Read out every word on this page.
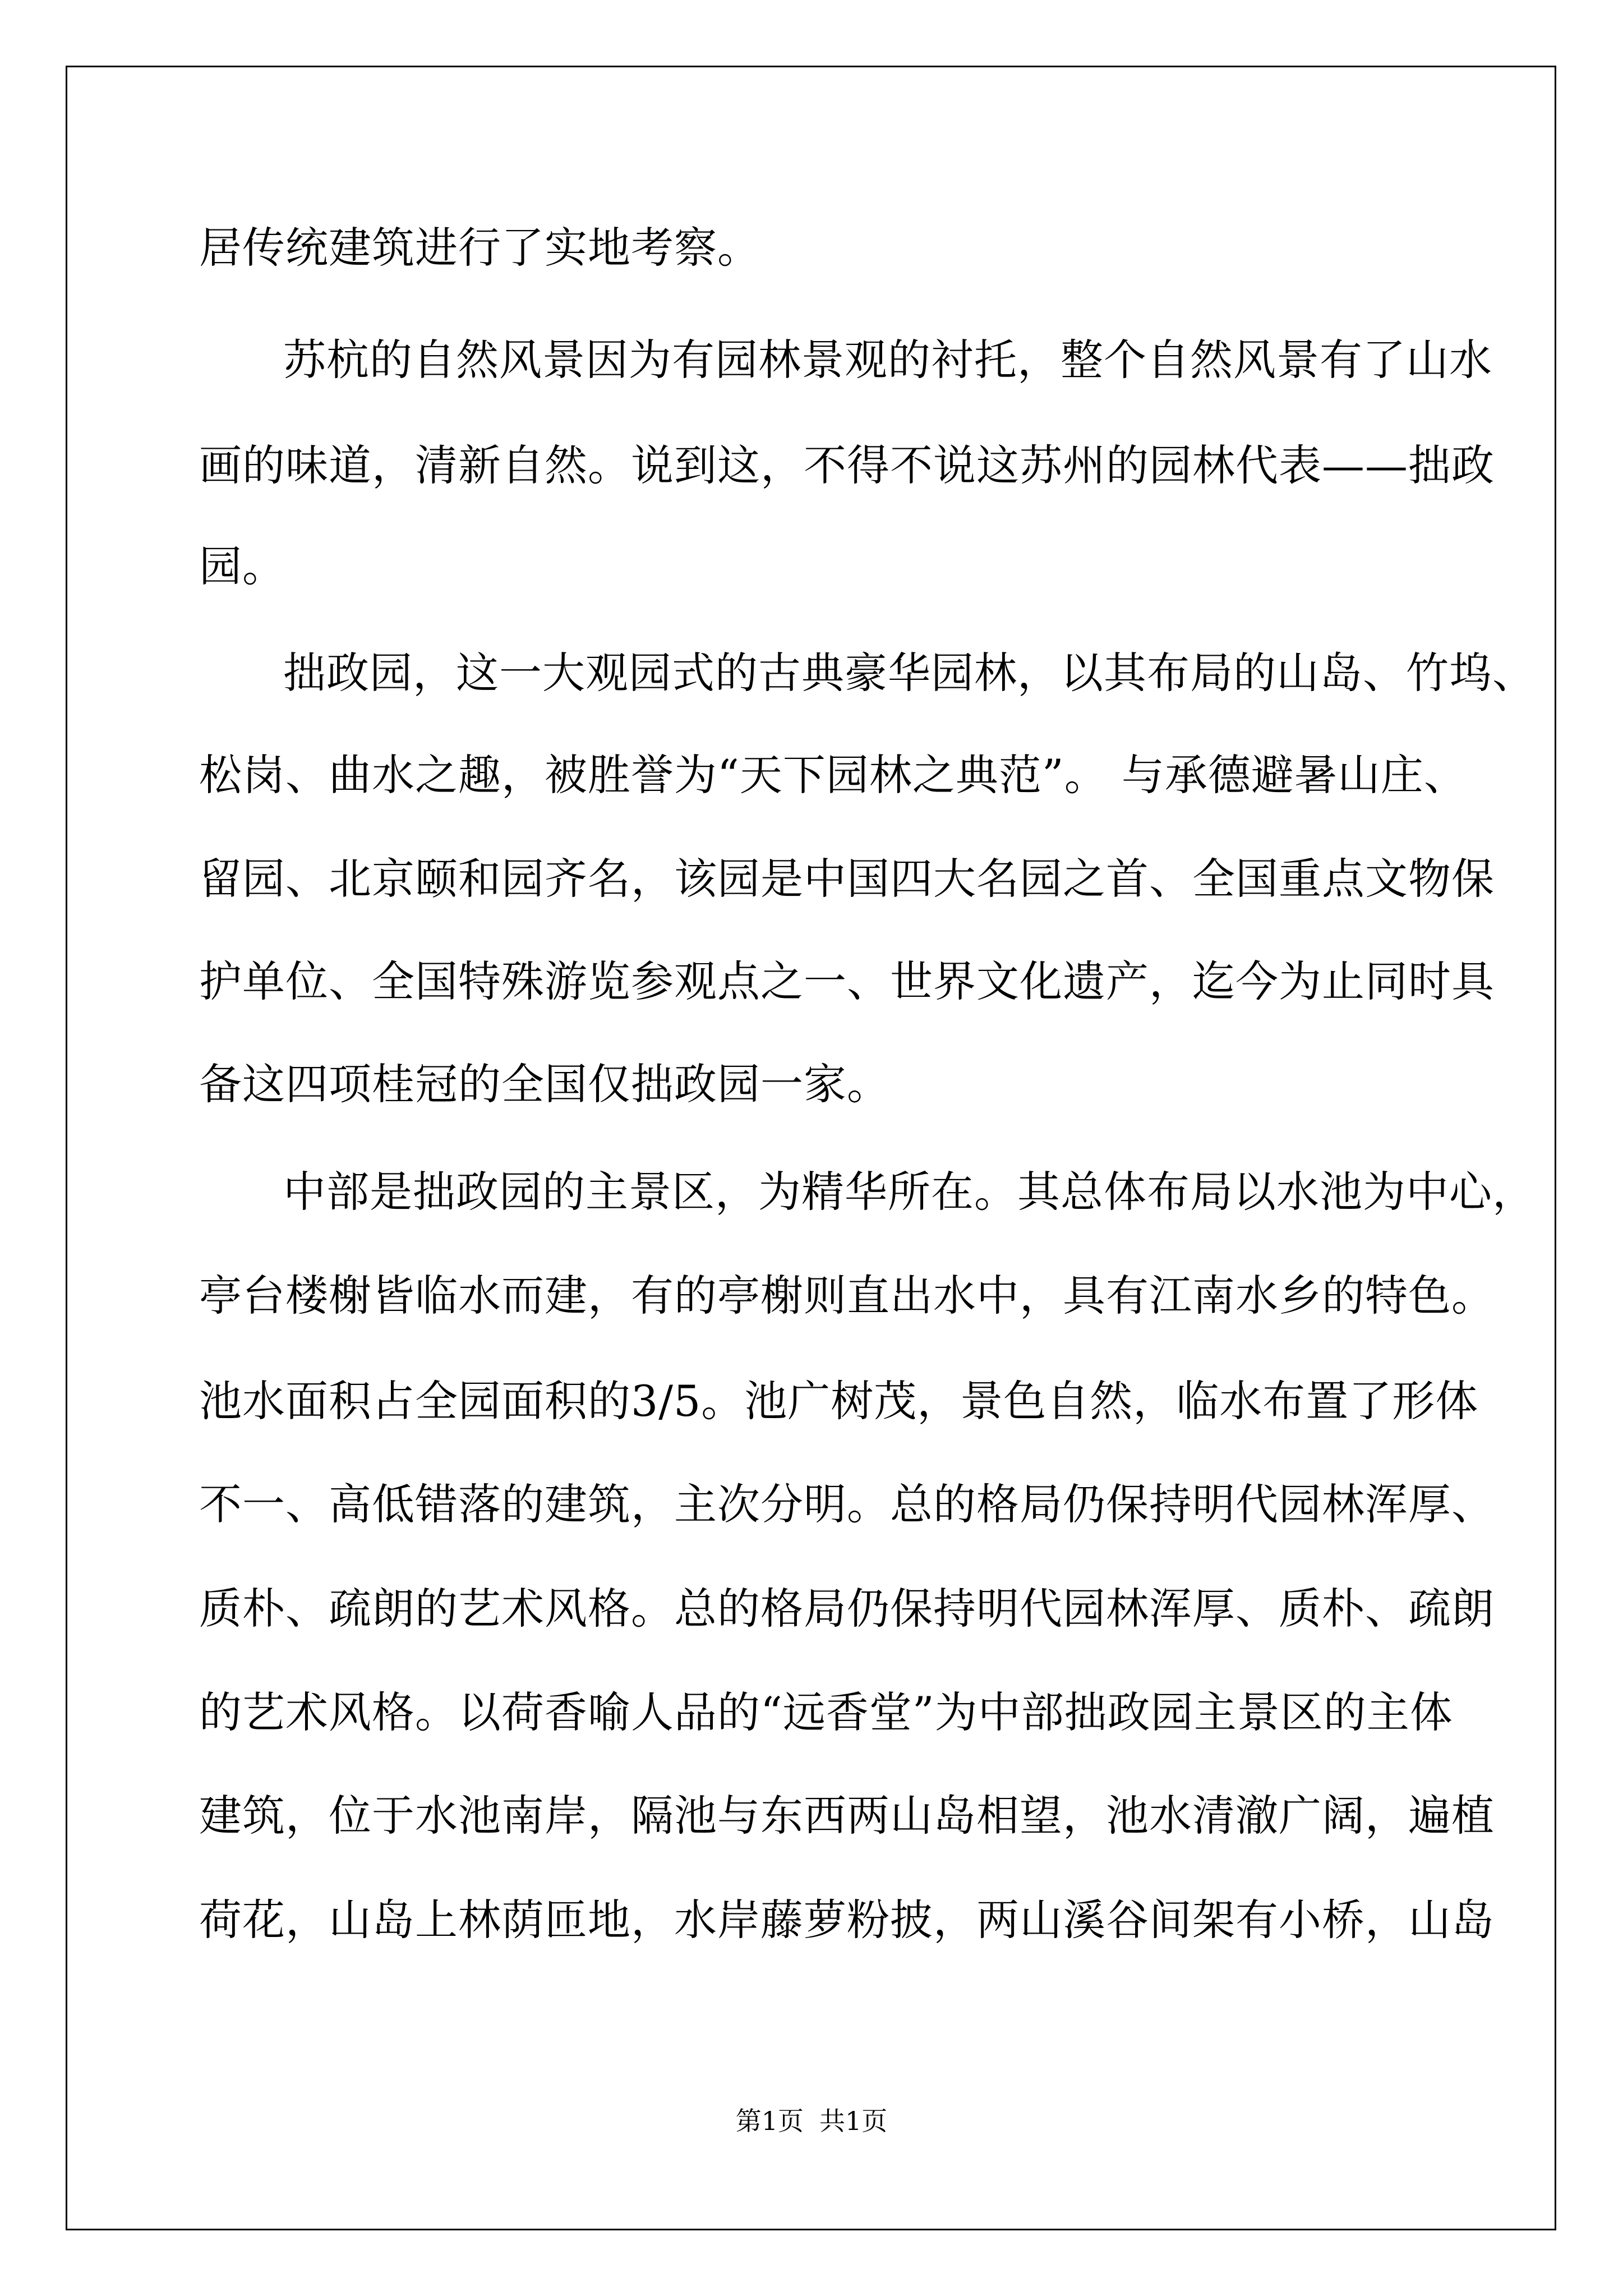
居传统建筑进行了实地考察。
苏杭的自然风景因为有园林景观的衬托，整个自然风景有了山水
画的味道，清新自然。说到这，不得不说这苏州的园林代表——拙政
园。
拙政园，这一大观园式的古典豪华园林，以其布局的山岛、竹坞、
松岗、曲水之趣，被胜誉为“天下园林之典范”。 与承德避暑山庄、
留园、北京颐和园齐名，该园是中国四大名园之首、全国重点文物保
护单位、全国特殊游览参观点之一、世界文化遗产，迄今为止同时具
备这四项桂冠的全国仅拙政园一家。
中部是拙政园的主景区，为精华所在。其总体布局以水池为中心，
亭台楼榭皆临水而建，有的亭榭则直出水中，具有江南水乡的特色。
池水面积占全园面积的3/5。池广树茂，景色自然，临水布置了形体
不一、高低错落的建筑，主次分明。总的格局仍保持明代园林浑厚、
质朴、疏朗的艺术风格。总的格局仍保持明代园林浑厚、质朴、疏朗
的艺术风格。以荷香喻人品的“远香堂”为中部拙政园主景区的主体
建筑，位于水池南岸，隔池与东西两山岛相望，池水清澈广阔，遍植
荷花，山岛上林荫匝地，水岸藤萝粉披，两山溪谷间架有小桥，山岛
第1页 共1页
